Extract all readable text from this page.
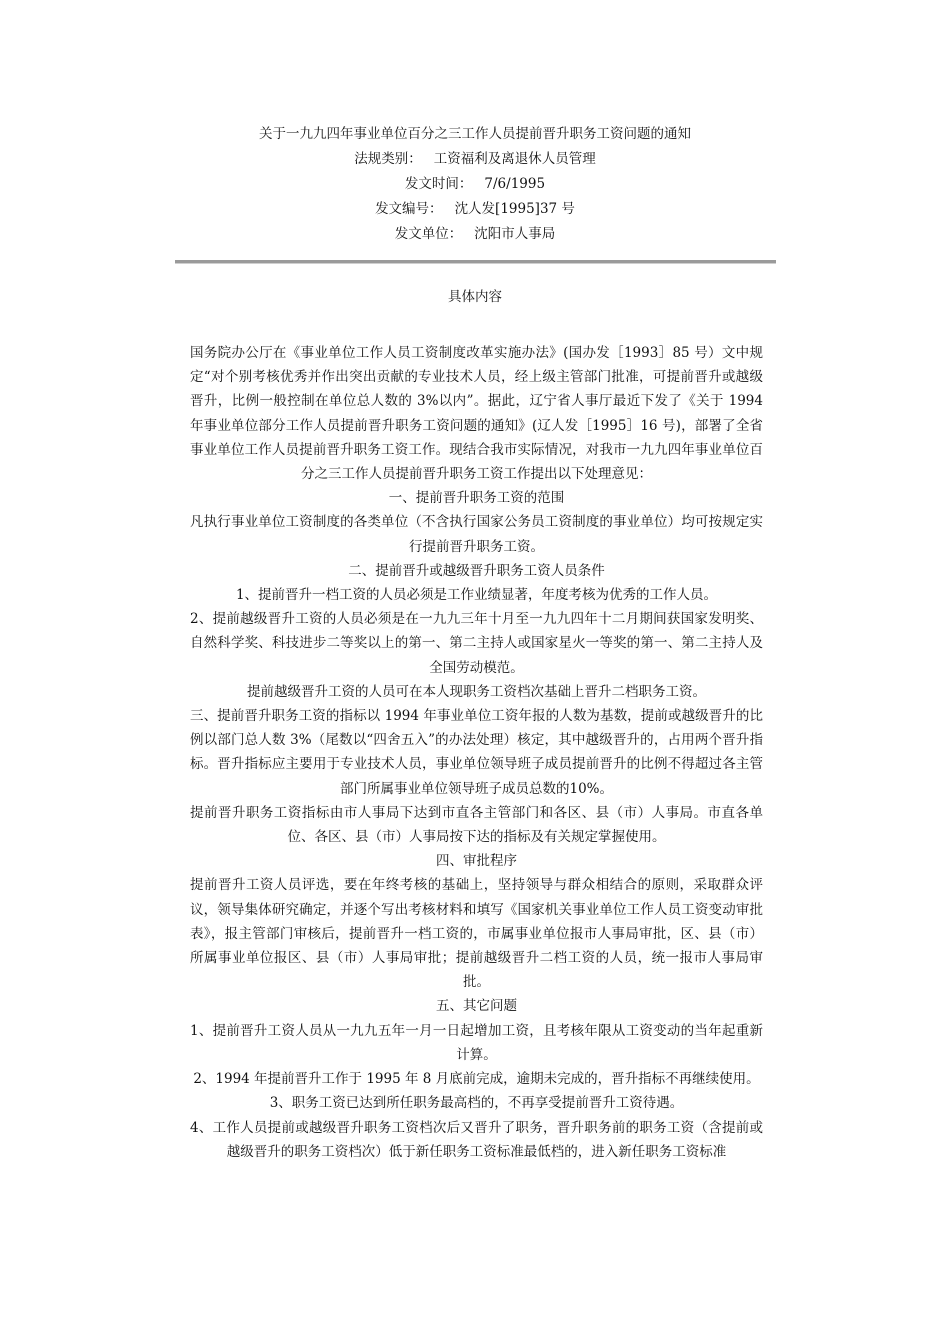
关于一九九四年事业单位百分之三工作人员提前晋升职务工资问题的通知
法规类别： 工资福利及离退休人员管理
发文时间： 7/6/1995
发文编号： 沈人发[1995]37 号
发文单位： 沈阳市人事局
具体内容

国务院办公厅在《事业单位工作人员工资制度改革实施办法》(国办发［1993］85 号）文中规定“对个别考核优秀并作出突出贡献的专业技术人员，经上级主管部门批准，可提前晋升或越级晋升，比例一般控制在单位总人数的 3%以内”。据此，辽宁省人事厅最近下发了《关于 1994 年事业单位部分工作人员提前晋升职务工资问题的通知》(辽人发［1995］16 号)，部署了全省事业单位工作人员提前晋升职务工资工作。现结合我市实际情况，对我市一九九四年事业单位百分之三工作人员提前晋升职务工资工作提出以下处理意见：

一、提前晋升职务工资的范围

凡执行事业单位工资制度的各类单位（不含执行国家公务员工资制度的事业单位）均可按规定实行提前晋升职务工资。

二、提前晋升或越级晋升职务工资人员条件

1、提前晋升一档工资的人员必须是工作业绩显著，年度考核为优秀的工作人员。

2、提前越级晋升工资的人员必须是在一九九三年十月至一九九四年十二月期间获国家发明奖、自然科学奖、科技进步二等奖以上的第一、第二主持人或国家星火一等奖的第一、第二主持人及全国劳动模范。

提前越级晋升工资的人员可在本人现职务工资档次基础上晋升二档职务工资。

三、提前晋升职务工资的指标以 1994 年事业单位工资年报的人数为基数，提前或越级晋升的比例以部门总人数 3%（尾数以“四舍五入”的办法处理）核定，其中越级晋升的，占用两个晋升指标。晋升指标应主要用于专业技术人员，事业单位领导班子成员提前晋升的比例不得超过各主管部门所属事业单位领导班子成员总数的10%。

提前晋升职务工资指标由市人事局下达到市直各主管部门和各区、县（市）人事局。市直各单位、各区、县（市）人事局按下达的指标及有关规定掌握使用。

四、审批程序

提前晋升工资人员评选，要在年终考核的基础上，坚持领导与群众相结合的原则，采取群众评议，领导集体研究确定，并逐个写出考核材料和填写《国家机关事业单位工作人员工资变动审批表》，报主管部门审核后，提前晋升一档工资的，市属事业单位报市人事局审批，区、县（市）所属事业单位报区、县（市）人事局审批；提前越级晋升二档工资的人员，统一报市人事局审批。

五、其它问题

1、提前晋升工资人员从一九九五年一月一日起增加工资，且考核年限从工资变动的当年起重新计算。

2、1994 年提前晋升工作于 1995 年 8 月底前完成，逾期未完成的，晋升指标不再继续使用。

3、职务工资已达到所任职务最高档的，不再享受提前晋升工资待遇。

4、工作人员提前或越级晋升职务工资档次后又晋升了职务，晋升职务前的职务工资（含提前或越级晋升的职务工资档次）低于新任职务工资标准最低档的，进入新任职务工资标准
